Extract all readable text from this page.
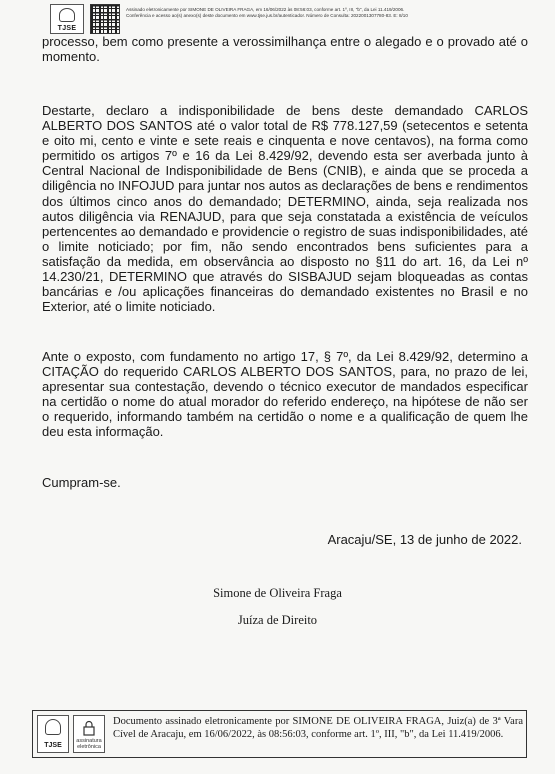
TJSE
Assinado eletronicamente por SIMONE DE OLIVEIRA FRAGA, em 16/06/2022 às 08:56:03, conforme art. 1º, III, "b", da Lei 11.419/2006.
Conferência e acesso ao(s) anexo(s) deste documento em www.tjse.jus.br/autenticador. Número de Consulta: 2022001307780-83. E: 8/10

processo, bem como presente a verossimilhança entre o alegado e o provado até o momento.

Destarte, declaro a indisponibilidade de bens deste demandado CARLOS ALBERTO DOS SANTOS até o valor total de R$ 778.127,59 (setecentos e setenta e oito mi, cento e vinte e sete reais e cinquenta e nove centavos), na forma como permitido os artigos 7º e 16 da Lei 8.429/92, devendo esta ser averbada junto à Central Nacional de Indisponibilidade de Bens (CNIB), e ainda que se proceda a diligência no INFOJUD para juntar nos autos as declarações de bens e rendimentos dos últimos cinco anos do demandado; DETERMINO, ainda, seja realizada nos autos diligência via RENAJUD, para que seja constatada a existência de veículos pertencentes ao demandado e providencie o registro de suas indisponibilidades, até o limite noticiado; por fim, não sendo encontrados bens suficientes para a satisfação da medida, em observância ao disposto no §11 do art. 16, da Lei nº 14.230/21, DETERMINO que através do SISBAJUD sejam bloqueadas as contas bancárias e /ou aplicações financeiras do demandado existentes no Brasil e no Exterior, até o limite noticiado.

Ante o exposto, com fundamento no artigo 17, § 7º, da Lei 8.429/92, determino a CITAÇÃO do requerido CARLOS ALBERTO DOS SANTOS, para, no prazo de lei, apresentar sua contestação, devendo o técnico executor de mandados especificar na certidão o nome do atual morador do referido endereço, na hipótese de não ser o requerido, informando também na certidão o nome e a qualificação de quem lhe deu esta informação.

Cumpram-se.

Aracaju/SE, 13 de junho de 2022.
Simone de Oliveira Fraga
Juíza de Direito
TJSE
assinatura eletrônica
Documento assinado eletronicamente por SIMONE DE OLIVEIRA FRAGA, Juiz(a) de 3ª Vara Cível de Aracaju, em 16/06/2022, às 08:56:03, conforme art. 1º, III, "b", da Lei 11.419/2006.
